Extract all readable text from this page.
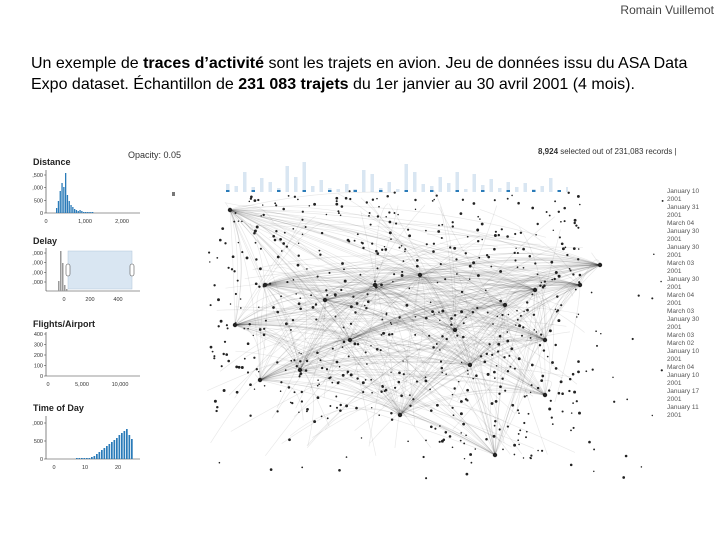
Romain Vuillemot
Un exemple de traces d’activité sont les trajets en avion. Jeu de données issu du ASA Data Expo dataset. Échantillon de 231 083 trajets du 1er janvier au 30 avril 2001 (4 mois).
Opacity: 0.05	8,924 selected out of 231,083 records |
Distance
,500
,000
500
0
0	1,000	2,000
Delay
,000
,000
,000
,000
0	200	400
Flights/Airport
400
300
200
100
0
0	5,000	10,000
Time of Day
,000
500
0
0	10	20
January 10
2001
January 31
2001
March 04
January 30
2001
January 30
2001
March 03
2001
January 30
2001
March 04
2001
March 03
January 30
2001
March 03
March 02
January 10
2001
March 04
January 10
2001
January 17
2001
January 11
2001
